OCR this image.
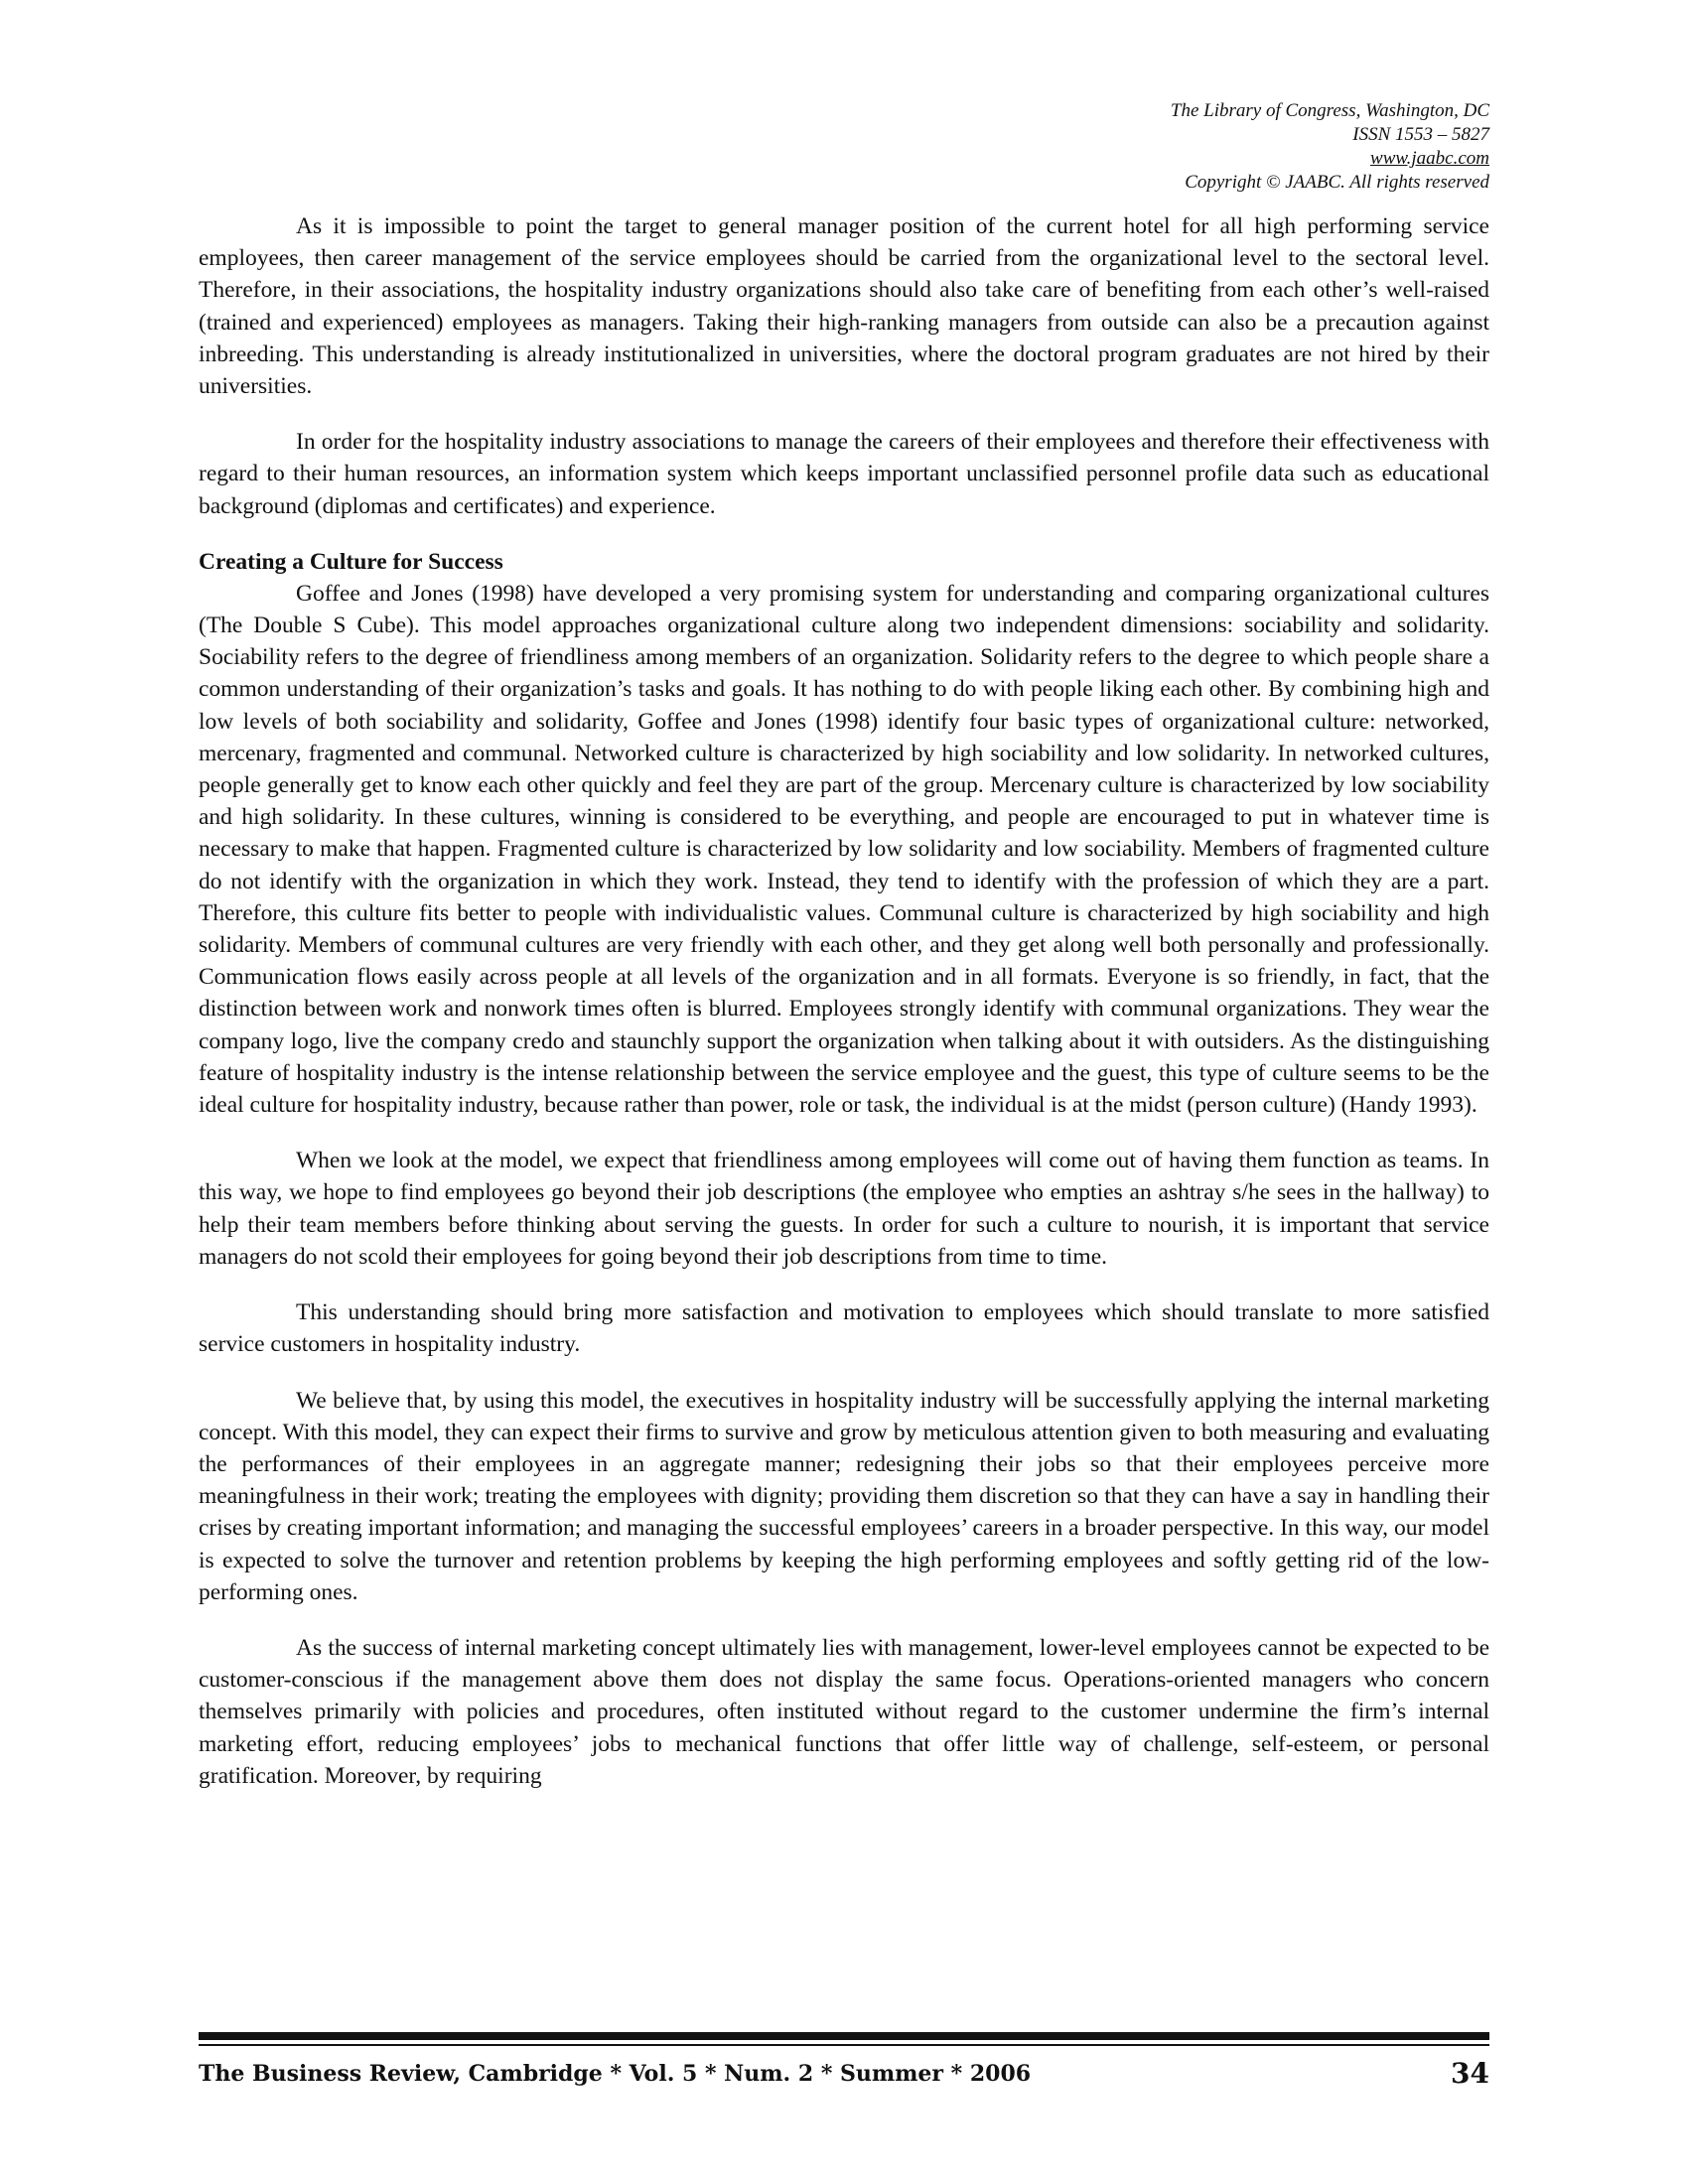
The Library of Congress, Washington, DC
ISSN 1553 – 5827
www.jaabc.com
Copyright © JAABC. All rights reserved

As it is impossible to point the target to general manager position of the current hotel for all high performing service employees, then career management of the service employees should be carried from the organizational level to the sectoral level. Therefore, in their associations, the hospitality industry organizations should also take care of benefiting from each other’s well-raised (trained and experienced) employees as managers. Taking their high-ranking managers from outside can also be a precaution against inbreeding. This understanding is already institutionalized in universities, where the doctoral program graduates are not hired by their universities.

In order for the hospitality industry associations to manage the careers of their employees and therefore their effectiveness with regard to their human resources, an information system which keeps important unclassified personnel profile data such as educational background (diplomas and certificates) and experience.

Creating a Culture for Success

Goffee and Jones (1998) have developed a very promising system for understanding and comparing organizational cultures (The Double S Cube). This model approaches organizational culture along two independent dimensions: sociability and solidarity. Sociability refers to the degree of friendliness among members of an organization. Solidarity refers to the degree to which people share a common understanding of their organization’s tasks and goals. It has nothing to do with people liking each other. By combining high and low levels of both sociability and solidarity, Goffee and Jones (1998) identify four basic types of organizational culture: networked, mercenary, fragmented and communal. Networked culture is characterized by high sociability and low solidarity. In networked cultures, people generally get to know each other quickly and feel they are part of the group. Mercenary culture is characterized by low sociability and high solidarity. In these cultures, winning is considered to be everything, and people are encouraged to put in whatever time is necessary to make that happen. Fragmented culture is characterized by low solidarity and low sociability. Members of fragmented culture do not identify with the organization in which they work. Instead, they tend to identify with the profession of which they are a part. Therefore, this culture fits better to people with individualistic values. Communal culture is characterized by high sociability and high solidarity. Members of communal cultures are very friendly with each other, and they get along well both personally and professionally. Communication flows easily across people at all levels of the organization and in all formats. Everyone is so friendly, in fact, that the distinction between work and nonwork times often is blurred. Employees strongly identify with communal organizations. They wear the company logo, live the company credo and staunchly support the organization when talking about it with outsiders. As the distinguishing feature of hospitality industry is the intense relationship between the service employee and the guest, this type of culture seems to be the ideal culture for hospitality industry, because rather than power, role or task, the individual is at the midst (person culture) (Handy 1993).

When we look at the model, we expect that friendliness among employees will come out of having them function as teams. In this way, we hope to find employees go beyond their job descriptions (the employee who empties an ashtray s/he sees in the hallway) to help their team members before thinking about serving the guests. In order for such a culture to nourish, it is important that service managers do not scold their employees for going beyond their job descriptions from time to time.

This understanding should bring more satisfaction and motivation to employees which should translate to more satisfied service customers in hospitality industry.

We believe that, by using this model, the executives in hospitality industry will be successfully applying the internal marketing concept. With this model, they can expect their firms to survive and grow by meticulous attention given to both measuring and evaluating the performances of their employees in an aggregate manner; redesigning their jobs so that their employees perceive more meaningfulness in their work; treating the employees with dignity; providing them discretion so that they can have a say in handling their crises by creating important information; and managing the successful employees’ careers in a broader perspective. In this way, our model is expected to solve the turnover and retention problems by keeping the high performing employees and softly getting rid of the low-performing ones.

As the success of internal marketing concept ultimately lies with management, lower-level employees cannot be expected to be customer-conscious if the management above them does not display the same focus. Operations-oriented managers who concern themselves primarily with policies and procedures, often instituted without regard to the customer undermine the firm’s internal marketing effort, reducing employees’ jobs to mechanical functions that offer little way of challenge, self-esteem, or personal gratification. Moreover, by requiring

The Business Review, Cambridge * Vol. 5 * Num. 2 * Summer * 2006	34
